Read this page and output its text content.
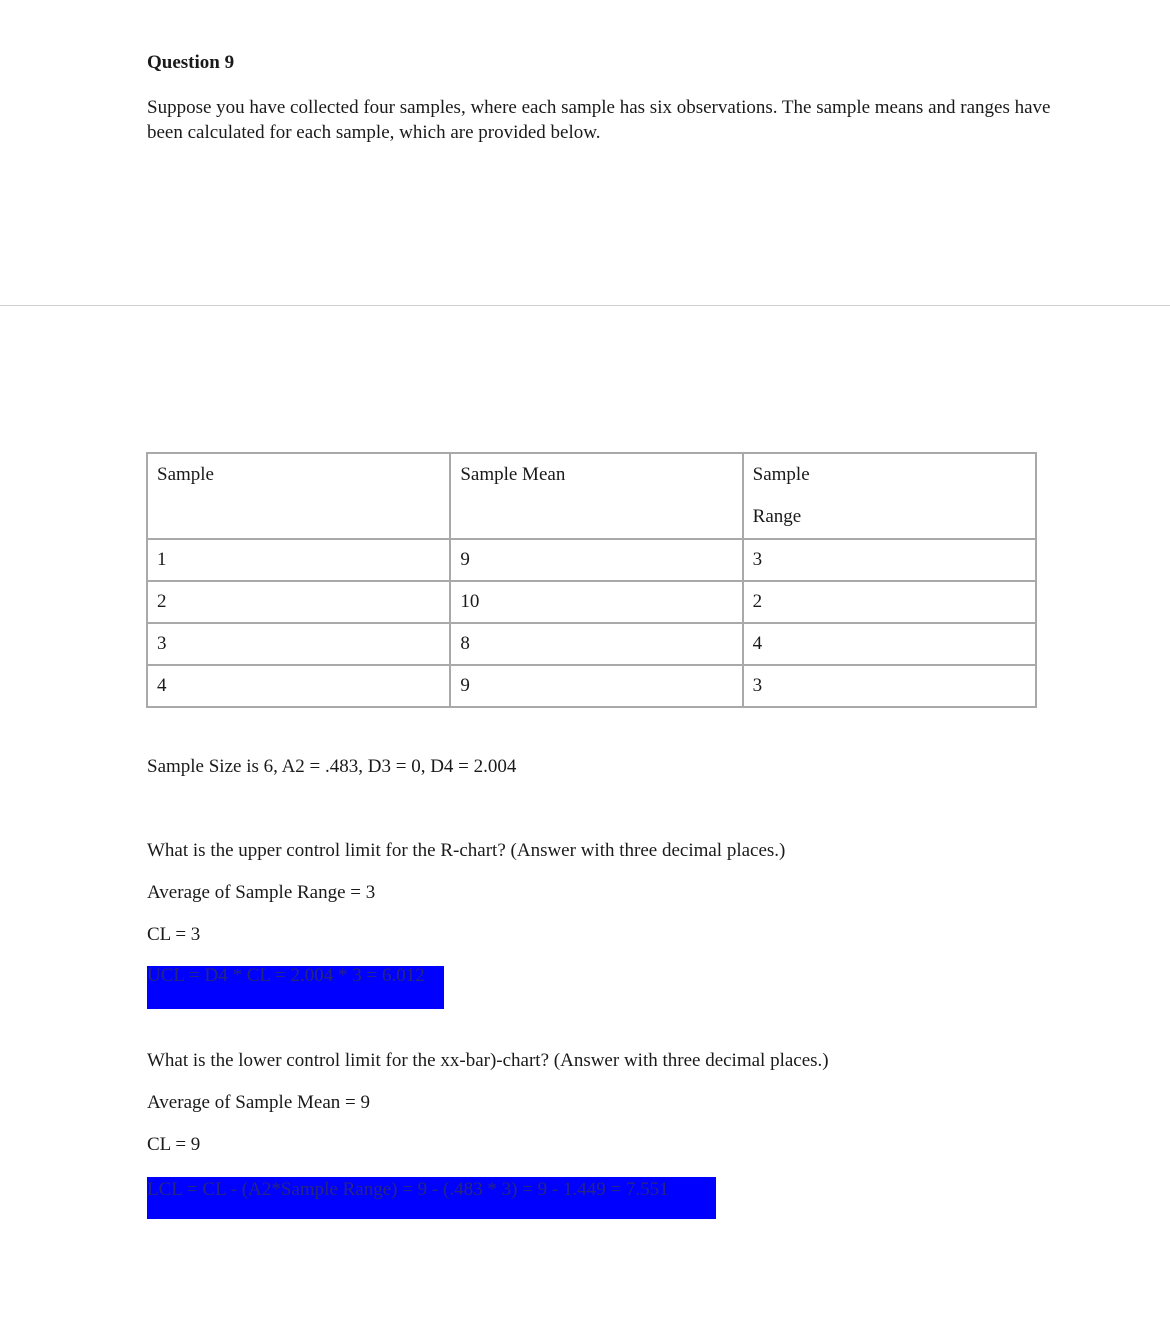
Question 9
Suppose you have collected four samples, where each sample has six observations. The sample means and ranges have been calculated for each sample, which are provided below.
Sample	Sample Mean	Sample
Range

1	9	3
2	10	2
3	8	4
4	9	3
Sample Size is 6, A2 = .483, D3 = 0, D4 = 2.004
What is the upper control limit for the R-chart? (Answer with three decimal places.)
Average of Sample Range = 3
CL = 3
UCL = D4 * CL = 2.004 * 3 = 6.012
What is the lower control limit for the xx-bar)-chart? (Answer with three decimal places.)
Average of Sample Mean = 9
CL = 9
LCL = CL - (A2*Sample Range) = 9 - (.483 * 3) = 9 - 1.449 = 7.551
